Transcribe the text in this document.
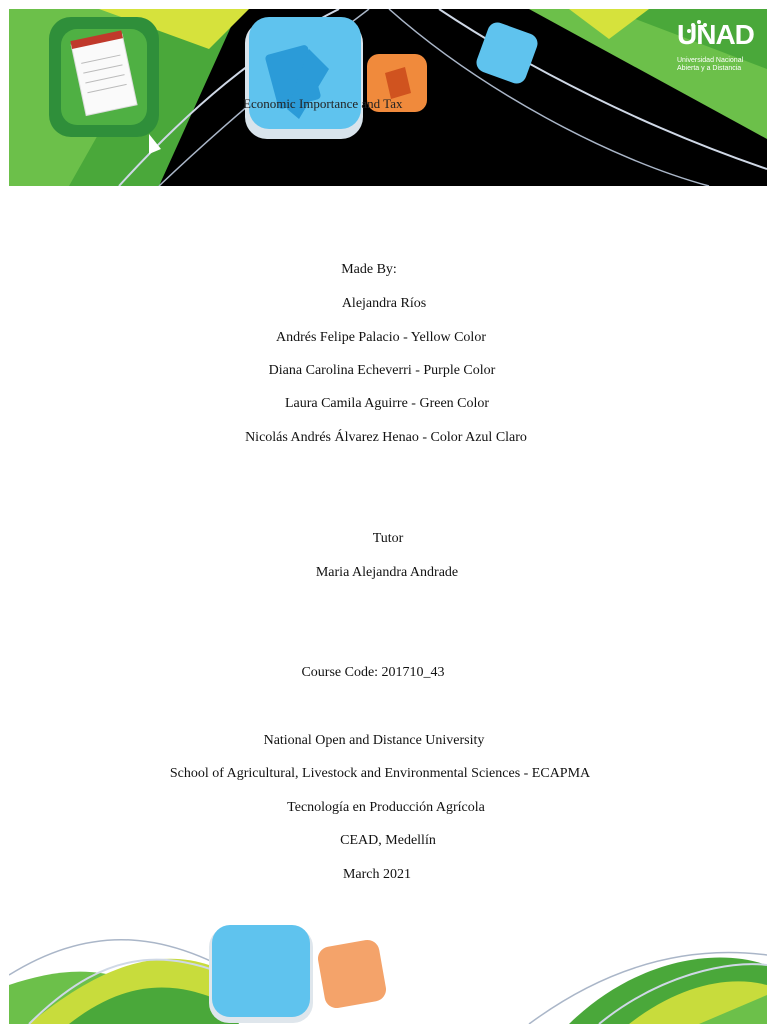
UNAD
Universidad Nacional Abierta y a Distancia
Economic Importance and Tax
Made By:
Alejandra Ríos
Andrés Felipe Palacio - Yellow Color
Diana Carolina Echeverri - Purple Color
Laura Camila Aguirre - Green Color
Nicolás Andrés Álvarez Henao - Color Azul Claro
Tutor
Maria Alejandra Andrade
Course Code: 201710_43
National Open and Distance University
School of Agricultural, Livestock and Environmental Sciences - ECAPMA
Tecnología en Producción Agrícola
CEAD, Medellín
March 2021
